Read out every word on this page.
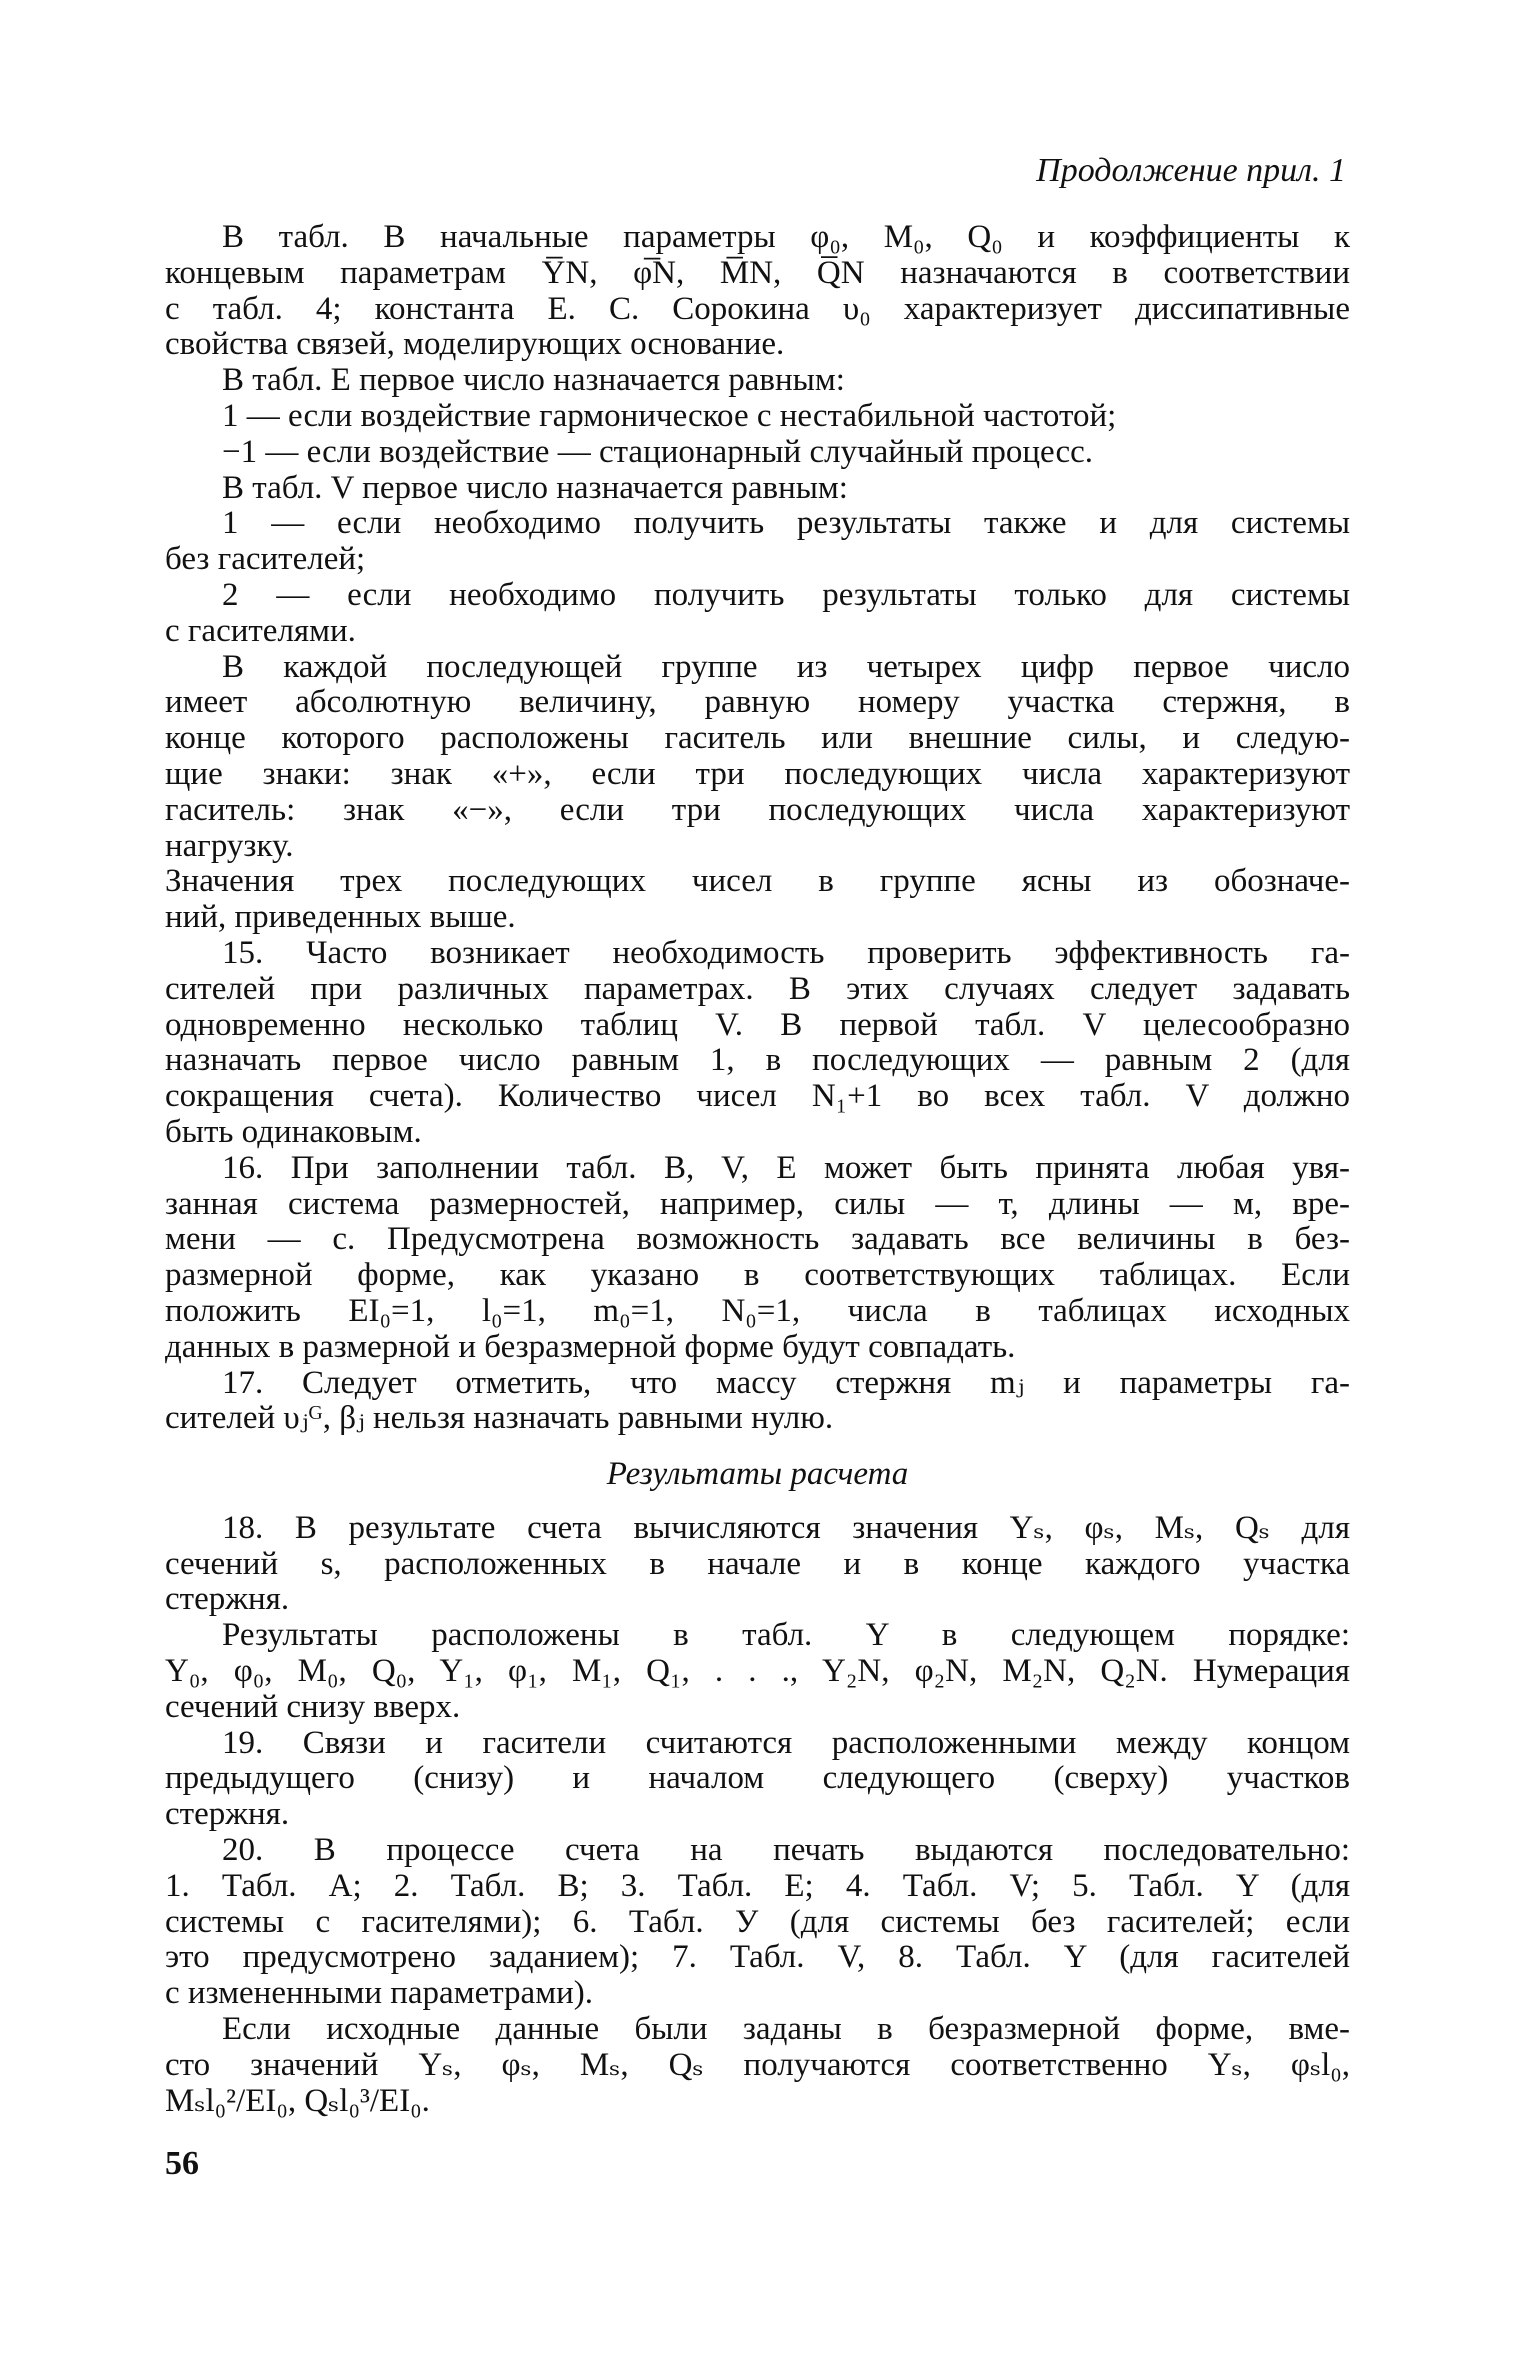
Продолжение прил. 1
В табл. В начальные параметры φ₀, M₀, Q₀ и коэффициенты к
концевым параметрам Y̅N, φ̅N, M̅N, Q̅N назначаются в соответствии
с табл. 4; константа Е. С. Сорокина υ₀ характеризует диссипативные
свойства связей, моделирующих основание.
В табл. Е первое число назначается равным:
1 — если воздействие гармоническое с нестабильной частотой;
−1 — если воздействие — стационарный случайный процесс.
В табл. V первое число назначается равным:
1 — если необходимо получить результаты также и для системы
без гасителей;
2 — если необходимо получить результаты только для системы
с гасителями.
В каждой последующей группе из четырех цифр первое число
имеет абсолютную величину, равную номеру участка стержня, в
конце которого расположены гаситель или внешние силы, и следую-
щие знаки: знак «+», если три последующих числа характеризуют
гаситель: знак «−», если три последующих числа характеризуют
нагрузку.
Значения трех последующих чисел в группе ясны из обозначе-
ний, приведенных выше.
15. Часто возникает необходимость проверить эффективность га-
сителей при различных параметрах. В этих случаях следует задавать
одновременно несколько таблиц V. В первой табл. V целесообразно
назначать первое число равным 1, в последующих — равным 2 (для
сокращения счета). Количество чисел N₁+1 во всех табл. V должно
быть одинаковым.
16. При заполнении табл. B, V, E может быть принята любая увя-
занная система размерностей, например, силы — т, длины — м, вре-
мени — с. Предусмотрена возможность задавать все величины в без-
размерной форме, как указано в соответствующих таблицах. Если
положить EI₀=1, l₀=1, m₀=1, N₀=1, числа в таблицах исходных
данных в размерной и безразмерной форме будут совпадать.
17. Следует отметить, что массу стержня mⱼ и параметры га-
сителей υⱼᴳ, βⱼ нельзя назначать равными нулю.
Результаты расчета
18. В результате счета вычисляются значения Yₛ, φₛ, Mₛ, Qₛ для
сечений s, расположенных в начале и в конце каждого участка
стержня.
Результаты расположены в табл. Y в следующем порядке:
Y₀, φ₀, M₀, Q₀, Y₁, φ₁, M₁, Q₁, . . ., Y₂N, φ₂N, M₂N, Q₂N. Нумерация
сечений снизу вверх.
19. Связи и гасители считаются расположенными между концом
предыдущего (снизу) и началом следующего (сверху) участков
стержня.
20. В процессе счета на печать выдаются последовательно:
1. Табл. A; 2. Табл. B; 3. Табл. E; 4. Табл. V; 5. Табл. Y (для
системы с гасителями); 6. Табл. У (для системы без гасителей; если
это предусмотрено заданием); 7. Табл. V, 8. Табл. Y (для гасителей
с измененными параметрами).
Если исходные данные были заданы в безразмерной форме, вме-
сто значений Yₛ, φₛ, Mₛ, Qₛ получаются соответственно Yₛ, φₛl₀,
Mₛl₀²/EI₀, Qₛl₀³/EI₀.
56
